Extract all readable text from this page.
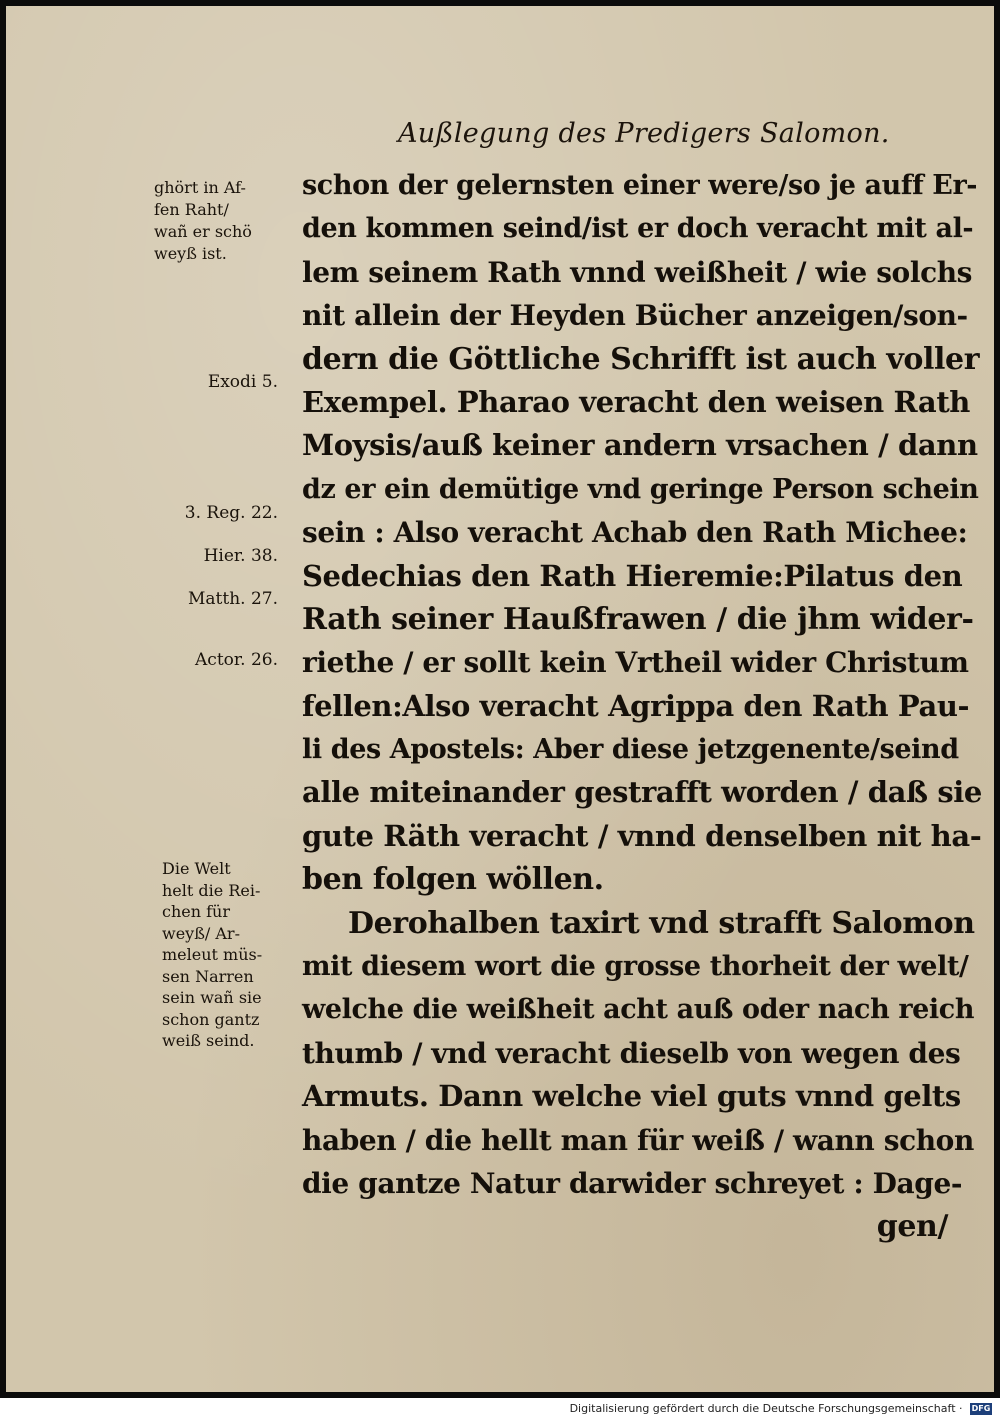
Außlegung des Predigers Salomon.
ghört in Af-
fen Raht/
wañ er schö
weyß ist.
Exodi 5.
3. Reg. 22.
Hier. 38.
Matth. 27.
Actor. 26.
Die Welt
helt die Rei-
chen für
weyß/ Ar-
meleut müs-
sen Narren
sein wañ sie
schon gantz
weiß seind.
schon der gelernsten einer were/so je auff Er-
den kommen seind/ist er doch veracht mit al-
lem seinem Rath vnnd weißheit / wie solchs
nit allein der Heyden Bücher anzeigen/son-
dern die Göttliche Schrifft ist auch voller
Exempel. Pharao veracht den weisen Rath
Moysis/auß keiner andern vrsachen / dann
dz er ein demütige vnd geringe Person schein
sein : Also veracht Achab den Rath Michee:
Sedechias den Rath Hieremie:Pilatus den
Rath seiner Haußfrawen / die jhm wider-
riethe / er sollt kein Vrtheil wider Christum
fellen:Also veracht Agrippa den Rath Pau-
li des Apostels: Aber diese jetzgenente/seind
alle miteinander gestrafft worden / daß sie
gute Räth veracht / vnnd denselben nit ha-
ben folgen wöllen.
Derohalben taxirt vnd strafft Salomon
mit diesem wort die grosse thorheit der welt/
welche die weißheit acht auß oder nach reich
thumb / vnd veracht dieselb von wegen des
Armuts. Dann welche viel guts vnnd gelts
haben / die hellt man für weiß / wann schon
die gantze Natur darwider schreyet : Dage-
gen/
Digitalisierung gefördert durch die Deutsche Forschungsgemeinschaft · DFG
